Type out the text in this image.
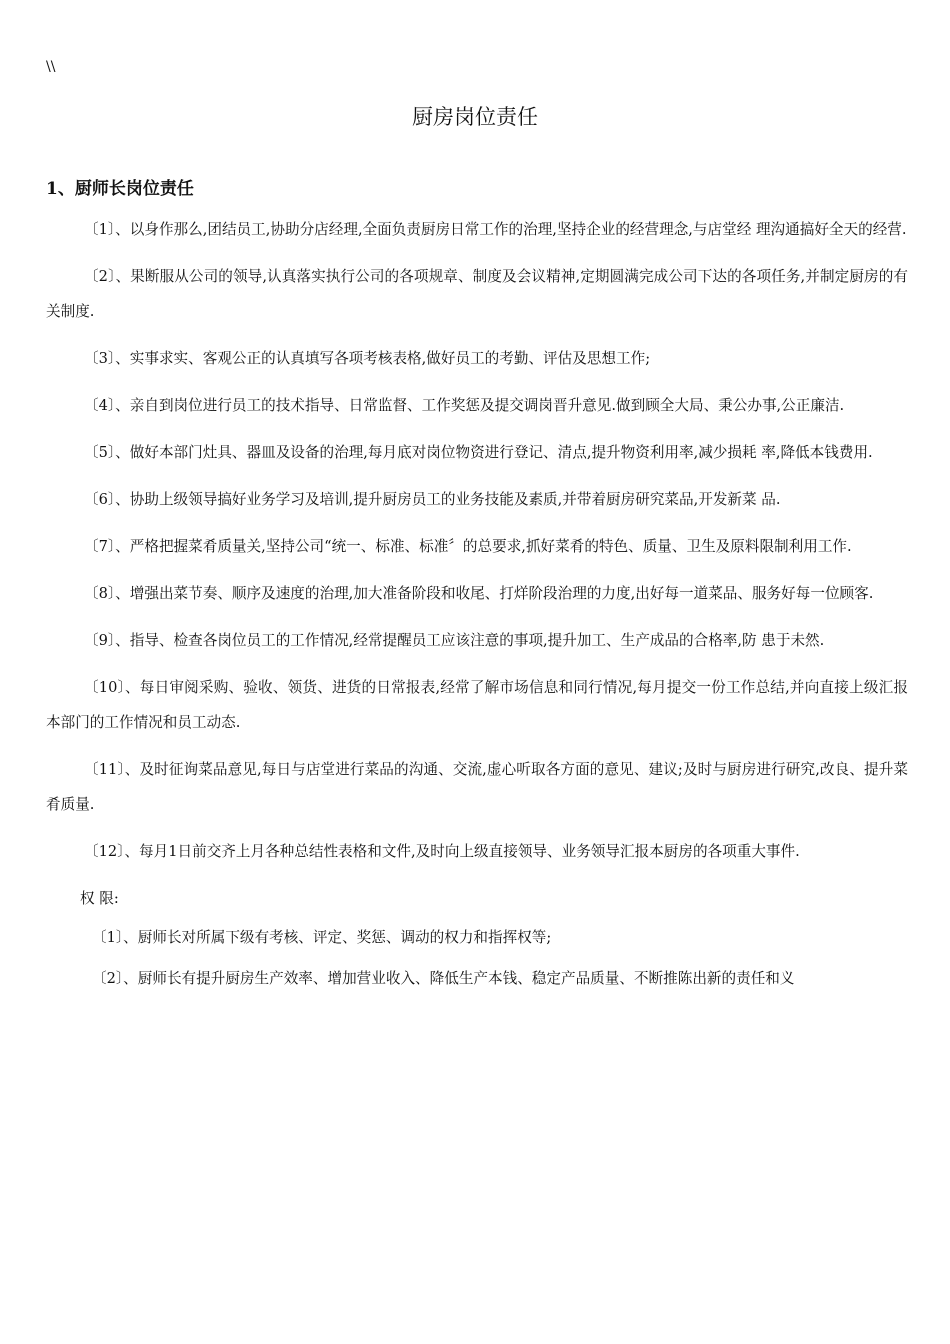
\\
厨房岗位责任
1、厨师长岗位责任

〔1〕、以身作那么,团结员工,协助分店经理,全面负责厨房日常工作的治理,坚持企业的经营理念,与店堂经 理沟通搞好全天的经营.

〔2〕、果断服从公司的领导,认真落实执行公司的各项规章、制度及会议精神,定期圆满完成公司下达的各项任务,并制定厨房的有关制度.

〔3〕、实事求实、客观公正的认真填写各项考核表格,做好员工的考勤、评估及思想工作;

〔4〕、亲自到岗位进行员工的技术指导、日常监督、工作奖惩及提交调岗晋升意见.做到顾全大局、秉公办事,公正廉洁.

〔5〕、做好本部门灶具、器皿及设备的治理,每月底对岗位物资进行登记、清点,提升物资利用率,减少损耗 率,降低本钱费用.

〔6〕、协助上级领导搞好业务学习及培训,提升厨房员工的业务技能及素质,并带着厨房研究菜品,开发新菜 品.

〔7〕、严格把握菜肴质量关,坚持公司“统一、标准、标准〞的总要求,抓好菜肴的特色、质量、卫生及原料限制利用工作.

〔8〕、增强出菜节奏、顺序及速度的治理,加大准备阶段和收尾、打烊阶段治理的力度,出好每一道菜品、服务好每一位顾客.

〔9〕、指导、检查各岗位员工的工作情况,经常提醒员工应该注意的事项,提升加工、生产成品的合格率,防 患于未然.

〔10〕、每日审阅采购、验收、领货、进货的日常报表,经常了解市场信息和同行情况,每月提交一份工作总结,并向直接上级汇报本部门的工作情况和员工动态.

〔11〕、及时征询菜品意见,每日与店堂进行菜品的沟通、交流,虚心听取各方面的意见、建议;及时与厨房进行研究,改良、提升菜肴质量.

〔12〕、每月1日前交齐上月各种总结性表格和文件,及时向上级直接领导、业务领导汇报本厨房的各项重大事件.

权 限:

〔1〕、厨师长对所属下级有考核、评定、奖惩、调动的权力和指挥权等;

〔2〕、厨师长有提升厨房生产效率、增加营业收入、降低生产本钱、稳定产品质量、不断推陈出新的责任和义
